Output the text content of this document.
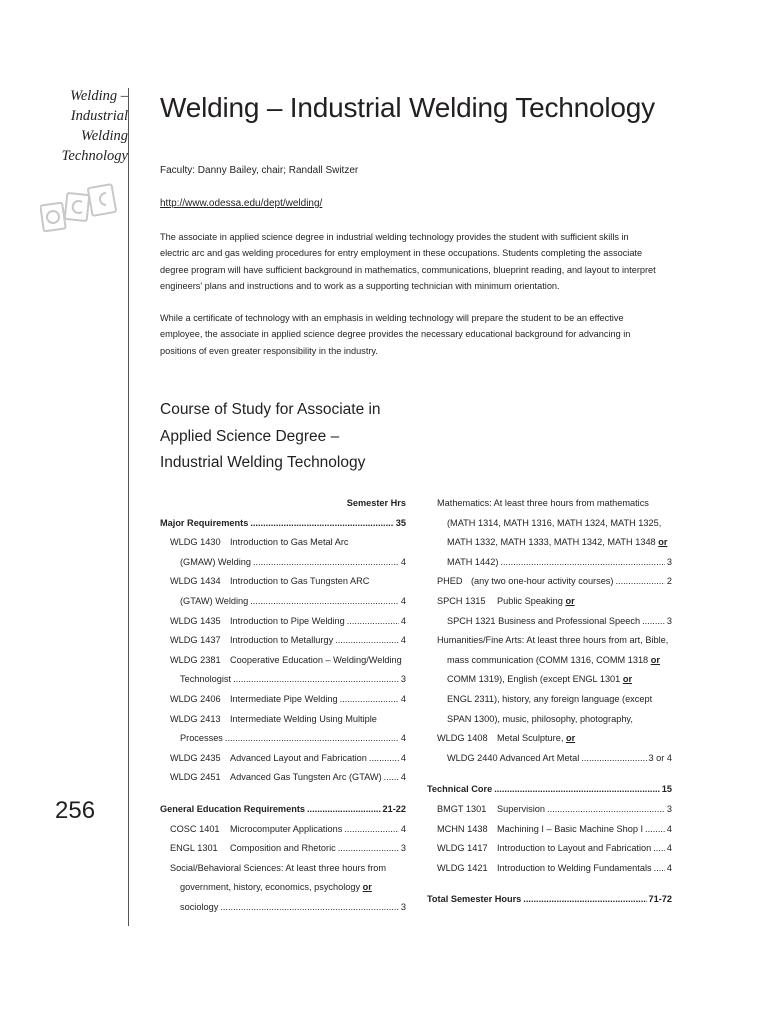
Welding –
Industrial
Welding
Technology
256
Welding – Industrial Welding Technology
Faculty: Danny Bailey, chair; Randall Switzer
http://www.odessa.edu/dept/welding/

The associate in applied science degree in industrial welding technology provides the student with sufficient skills in electric arc and gas welding procedures for entry employment in these occupations. Students completing the associate degree program will have sufficient background in mathematics, communications, blueprint reading, and layout to interpret engineers' plans and instructions and to work as a supporting technician with minimum orientation.

While a certificate of technology with an emphasis in welding technology will prepare the student to be an effective employee, the associate in applied science degree provides the necessary educational background for advancing in positions of even greater responsibility in the industry.

Course of Study for Associate in
Applied Science Degree –
Industrial Welding Technology
Semester Hrs
Major Requirements .....	35
WLDG 1430 Introduction to Gas Metal Arc
(GMAW) Welding .....	4
WLDG 1434 Introduction to Gas Tungsten ARC
(GTAW) Welding .....	4
WLDG 1435 Introduction to Pipe Welding .....	4
WLDG 1437 Introduction to Metallurgy .....	4
WLDG 2381 Cooperative Education – Welding/Welding
Technologist .....	3
WLDG 2406 Intermediate Pipe Welding .....	4
WLDG 2413 Intermediate Welding Using Multiple
Processes .....	4
WLDG 2435 Advanced Layout and Fabrication .....	4
WLDG 2451 Advanced Gas Tungsten Arc (GTAW) ..... 4
General Education Requirements .....	21-22
COSC 1401 Microcomputer Applications .....	4
ENGL 1301 Composition and Rhetoric .....	3
Social/Behavioral Sciences: At least three hours from
government, history, economics, psychology or
sociology .....	3
Mathematics: At least three hours from mathematics
(MATH 1314, MATH 1316, MATH 1324, MATH 1325,
MATH 1332, MATH 1333, MATH 1342, MATH 1348 or
MATH 1442) .....	3
PHED (any two one-hour activity courses) .....	2
SPCH 1315 Public Speaking or
SPCH 1321 Business and Professional Speech .....	3
Humanities/Fine Arts: At least three hours from art, Bible,
mass communication (COMM 1316, COMM 1318 or
COMM 1319), English (except ENGL 1301 or
ENGL 2311), history, any foreign language (except
SPAN 1300), music, philosophy, photography,
WLDG 1408 Metal Sculpture, or
WLDG 2440 Advanced Art Metal .....	3 or 4
Technical Core .....	15
BMGT 1301 Supervision .....	3
MCHN 1438 Machining I – Basic Machine Shop I .....	4
WLDG 1417 Introduction to Layout and Fabrication ..... 4
WLDG 1421 Introduction to Welding Fundamentals ..... 4
Total Semester Hours .....	71-72
